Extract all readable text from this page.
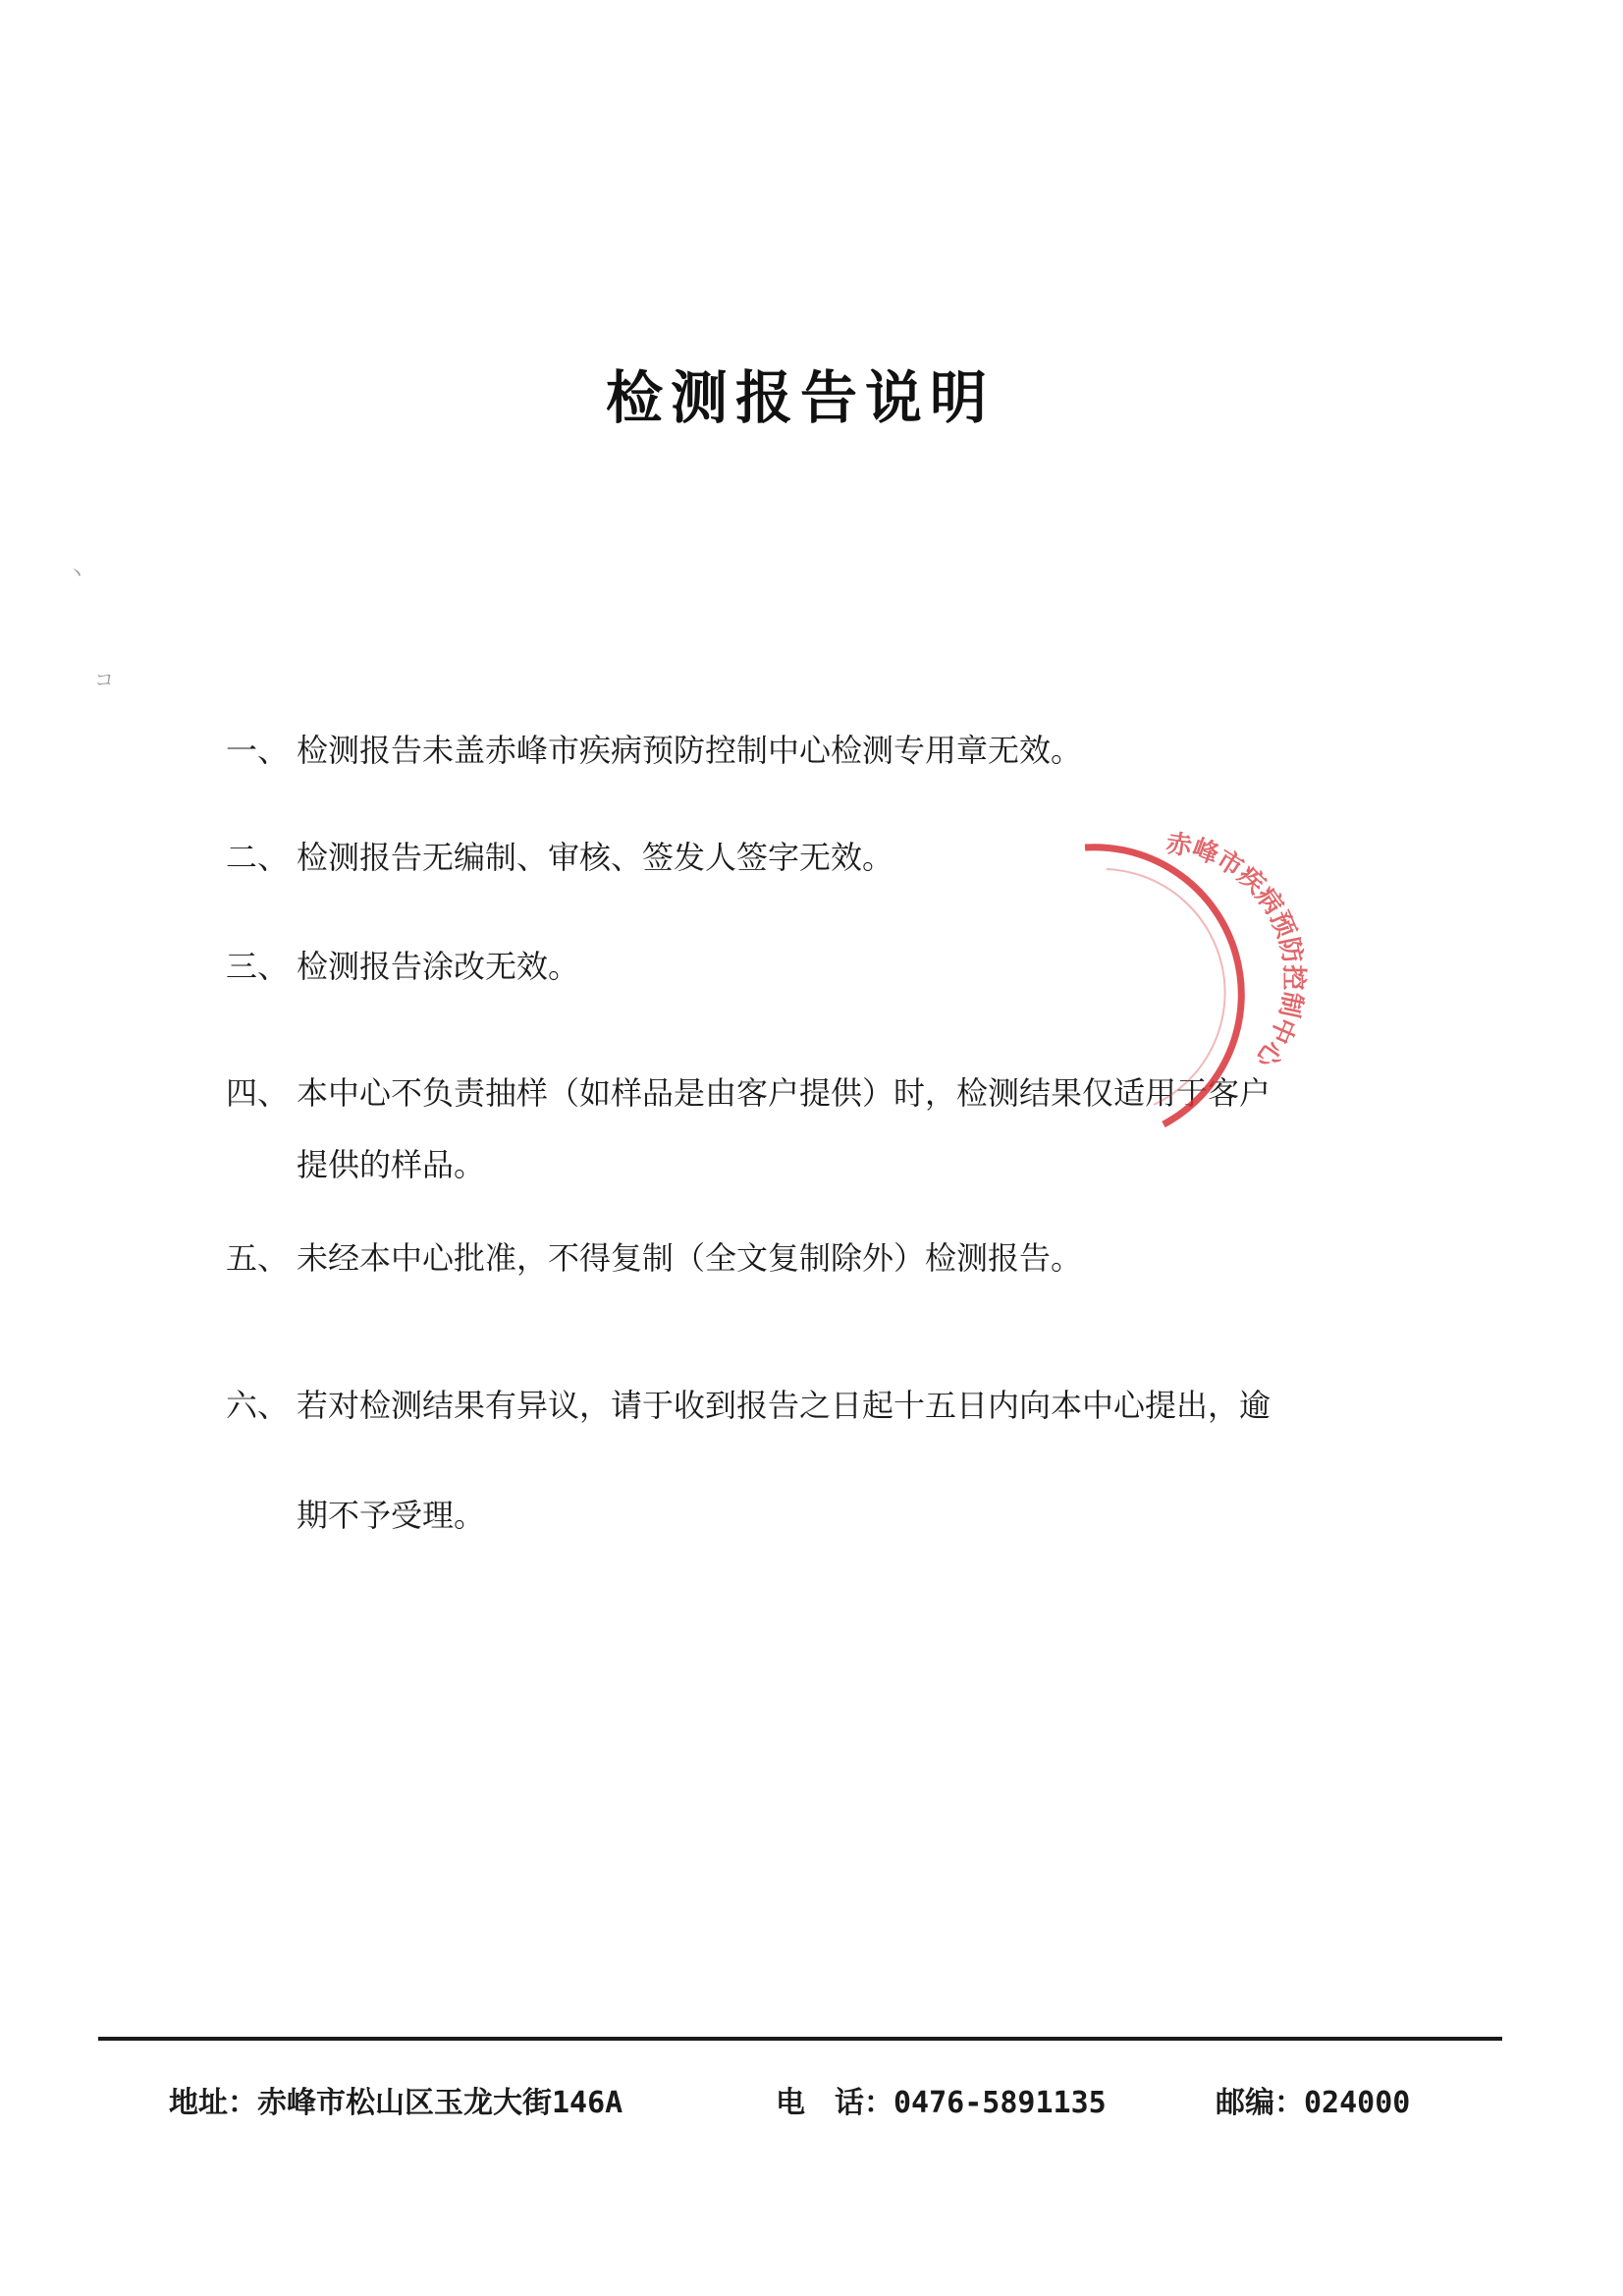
检测报告说明
丶
コ
一、 检测报告未盖赤峰市疾病预防控制中心检测专用章无效。
二、 检测报告无编制、审核、签发人签字无效。
三、 检测报告涂改无效。
四、 本中心不负责抽样（如样品是由客户提供）时，检测结果仅适用于客户
提供的样品。
五、 未经本中心批准，不得复制（全文复制除外）检测报告。
六、 若对检测结果有异议，请于收到报告之日起十五日内向本中心提出，逾
期不予受理。
赤峰市疾病预防控制中心
地址：赤峰市松山区玉龙大街146A	电　话：0476-5891135	邮编：024000
